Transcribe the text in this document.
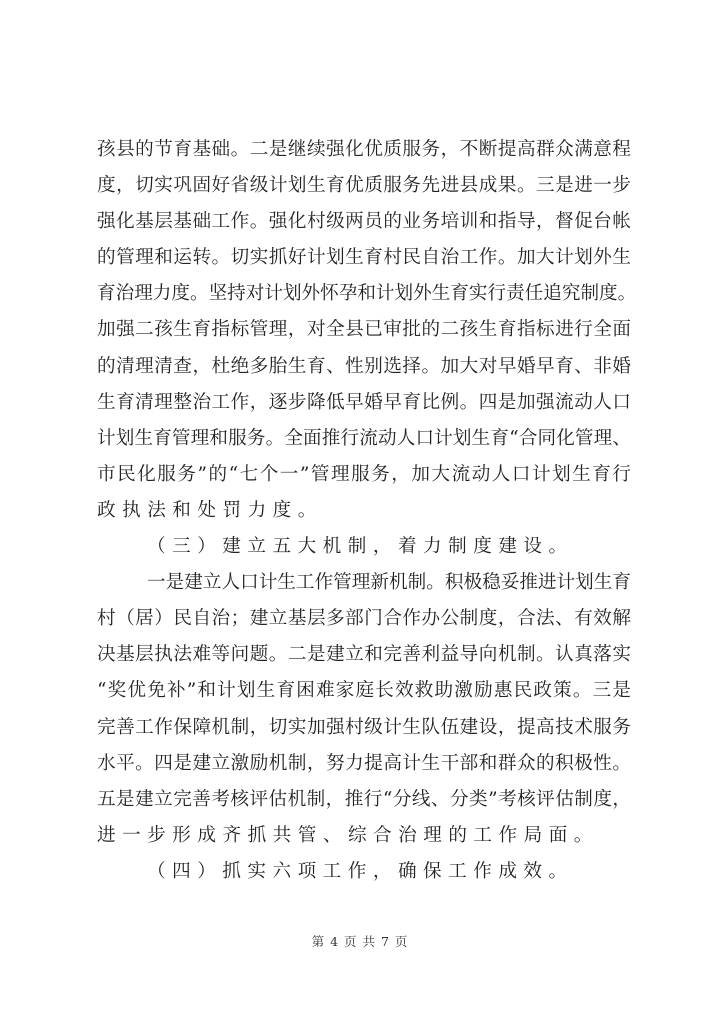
孩县的节育基础。二是继续强化优质服务，不断提高群众满意程
度，切实巩固好省级计划生育优质服务先进县成果。三是进一步
强化基层基础工作。强化村级两员的业务培训和指导，督促台帐
的管理和运转。切实抓好计划生育村民自治工作。加大计划外生
育治理力度。坚持对计划外怀孕和计划外生育实行责任追究制度。
加强二孩生育指标管理，对全县已审批的二孩生育指标进行全面
的清理清查，杜绝多胎生育、性别选择。加大对早婚早育、非婚
生育清理整治工作，逐步降低早婚早育比例。四是加强流动人口
计划生育管理和服务。全面推行流动人口计划生育“合同化管理、
市民化服务”的“七个一”管理服务，加大流动人口计划生育行
政执法和处罚力度。
（三）建立五大机制，着力制度建设。
一是建立人口计生工作管理新机制。积极稳妥推进计划生育
村（居）民自治；建立基层多部门合作办公制度，合法、有效解
决基层执法难等问题。二是建立和完善利益导向机制。认真落实
“奖优免补”和计划生育困难家庭长效救助激励惠民政策。三是
完善工作保障机制，切实加强村级计生队伍建设，提高技术服务
水平。四是建立激励机制，努力提高计生干部和群众的积极性。
五是建立完善考核评估机制，推行“分线、分类”考核评估制度，
进一步形成齐抓共管、综合治理的工作局面。
（四）抓实六项工作，确保工作成效。
第 4 页 共 7 页
